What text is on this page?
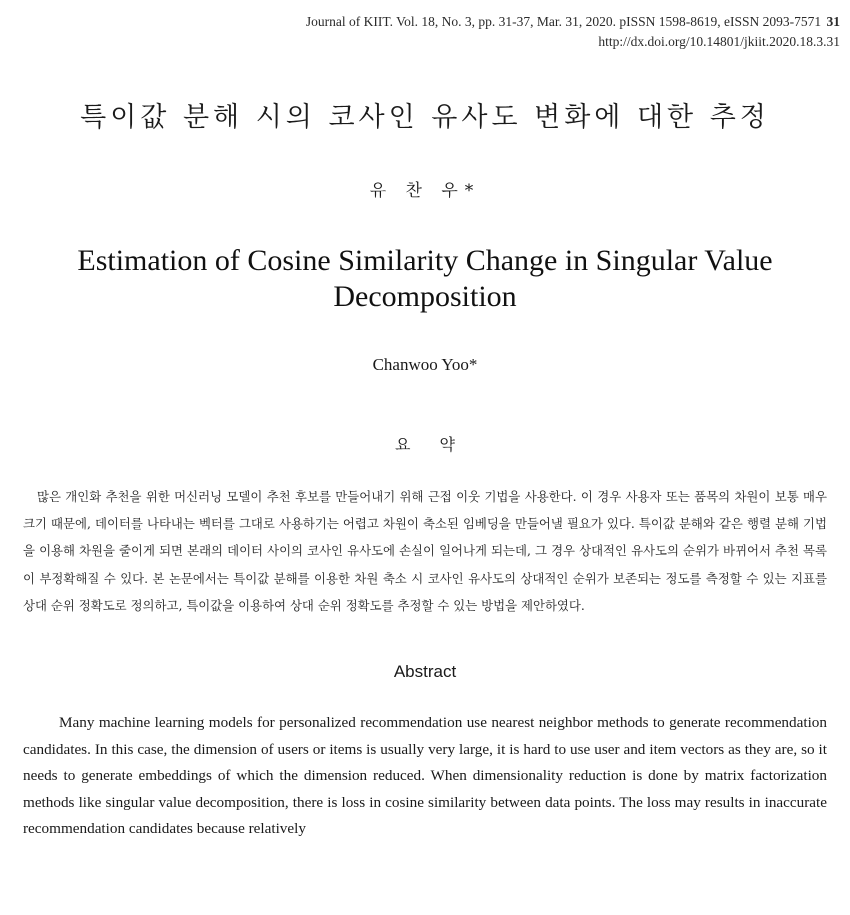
Journal of KIIT. Vol. 18, No. 3, pp. 31-37, Mar. 31, 2020. pISSN 1598-8619, eISSN 2093-7571 31
http://dx.doi.org/10.14801/jkiit.2020.18.3.31
특이값 분해 시의 코사인 유사도 변화에 대한 추정
유 찬 우*
Estimation of Cosine Similarity Change in Singular Value Decomposition
Chanwoo Yoo*
요 약

많은 개인화 추천을 위한 머신러닝 모델이 추천 후보를 만들어내기 위해 근접 이웃 기법을 사용한다. 이 경우 사용자 또는 품목의 차원이 보통 매우 크기 때문에, 데이터를 나타내는 벡터를 그대로 사용하기는 어렵고 차원이 축소된 임베딩을 만들어낼 필요가 있다. 특이값 분해와 같은 행렬 분해 기법을 이용해 차원을 줄이게 되면 본래의 데이터 사이의 코사인 유사도에 손실이 일어나게 되는데, 그 경우 상대적인 유사도의 순위가 바뀌어서 추천 목록이 부정확해질 수 있다. 본 논문에서는 특이값 분해를 이용한 차원 축소 시 코사인 유사도의 상대적인 순위가 보존되는 정도를 측정할 수 있는 지표를 상대 순위 정확도로 정의하고, 특이값을 이용하여 상대 순위 정확도를 추정할 수 있는 방법을 제안하였다.

Abstract

Many machine learning models for personalized recommendation use nearest neighbor methods to generate recommendation candidates. In this case, the dimension of users or items is usually very large, it is hard to use user and item vectors as they are, so it needs to generate embeddings of which the dimension reduced. When dimensionality reduction is done by matrix factorization methods like singular value decomposition, there is loss in cosine similarity between data points. The loss may results in inaccurate recommendation candidates because relatively
